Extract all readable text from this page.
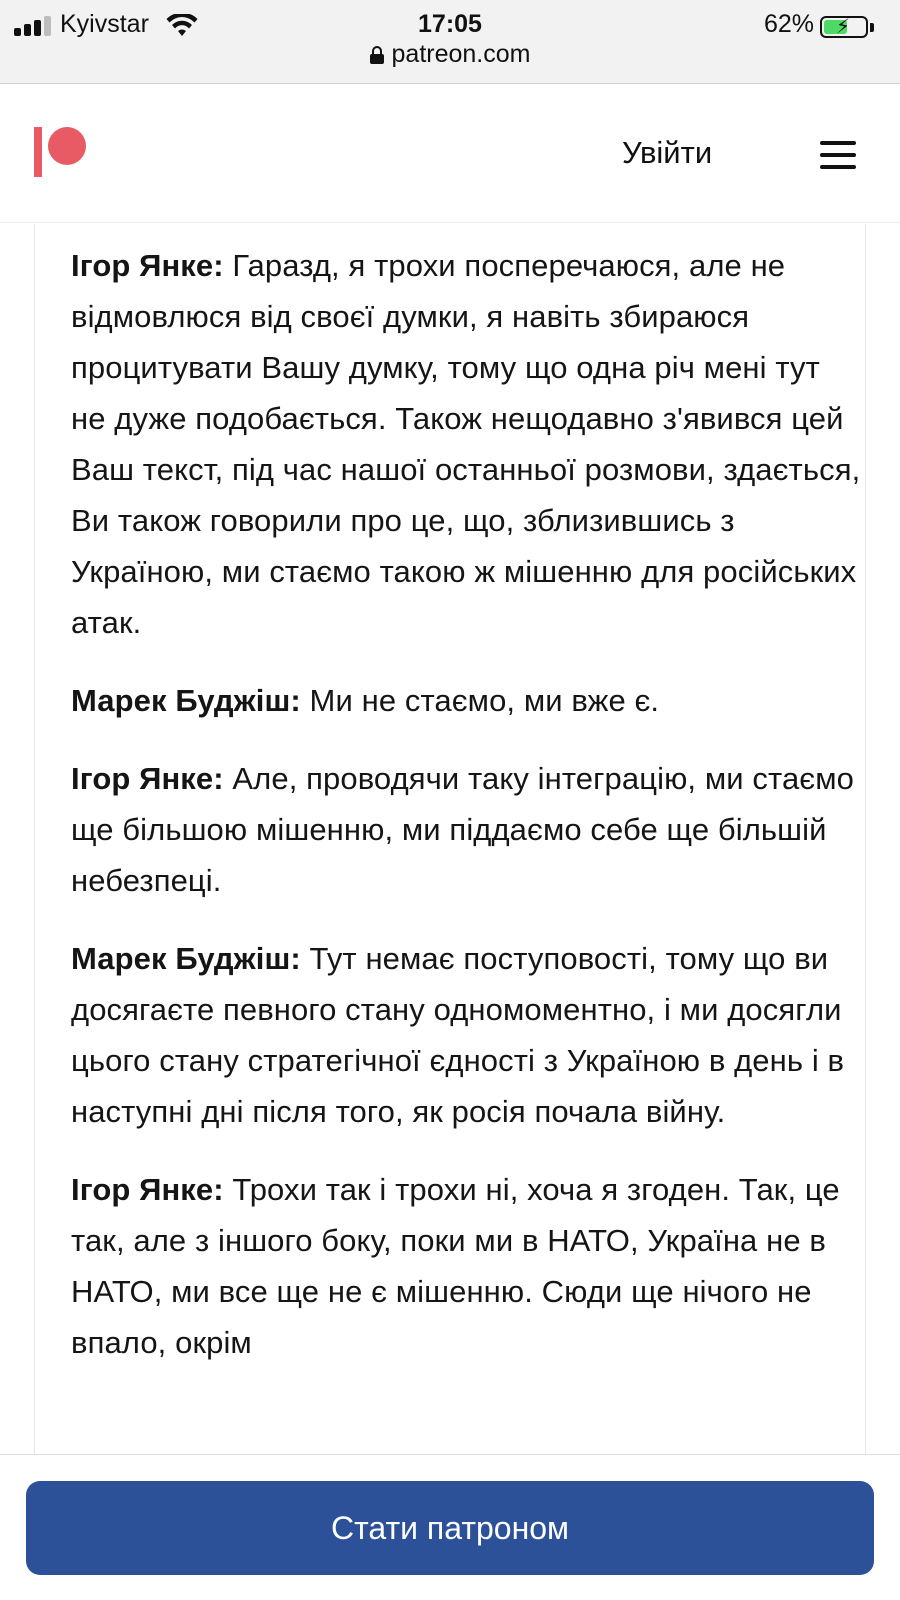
Kyivstar	17:05	62% ⚡
patreon.com
Увійти

Ігор Янке: Гаразд, я трохи посперечаюся, але не відмовлюся від своєї думки, я навіть збираюся процитувати Вашу думку, тому що одна річ мені тут не дуже подобається. Також нещодавно з'явився цей Ваш текст, під час нашої останньої розмови, здається, Ви також говорили про це, що, зблизившись з Україною, ми стаємо такою ж мішенню для російських атак.

Марек Буджіш: Ми не стаємо, ми вже є.

Ігор Янке: Але, проводячи таку інтеграцію, ми стаємо ще більшою мішенню, ми піддаємо себе ще більшій небезпеці.

Марек Буджіш: Тут немає поступовості, тому що ви досягаєте певного стану одномоментно, і ми досягли цього стану стратегічної єдності з Україною в день і в наступні дні після того, як росія почала війну.

Ігор Янке: Трохи так і трохи ні, хоча я згоден. Так, це так, але з іншого боку, поки ми в НАТО, Україна не в НАТО, ми все ще не є мішенню. Сюди ще нічого не впало, окрім

Стати патроном
